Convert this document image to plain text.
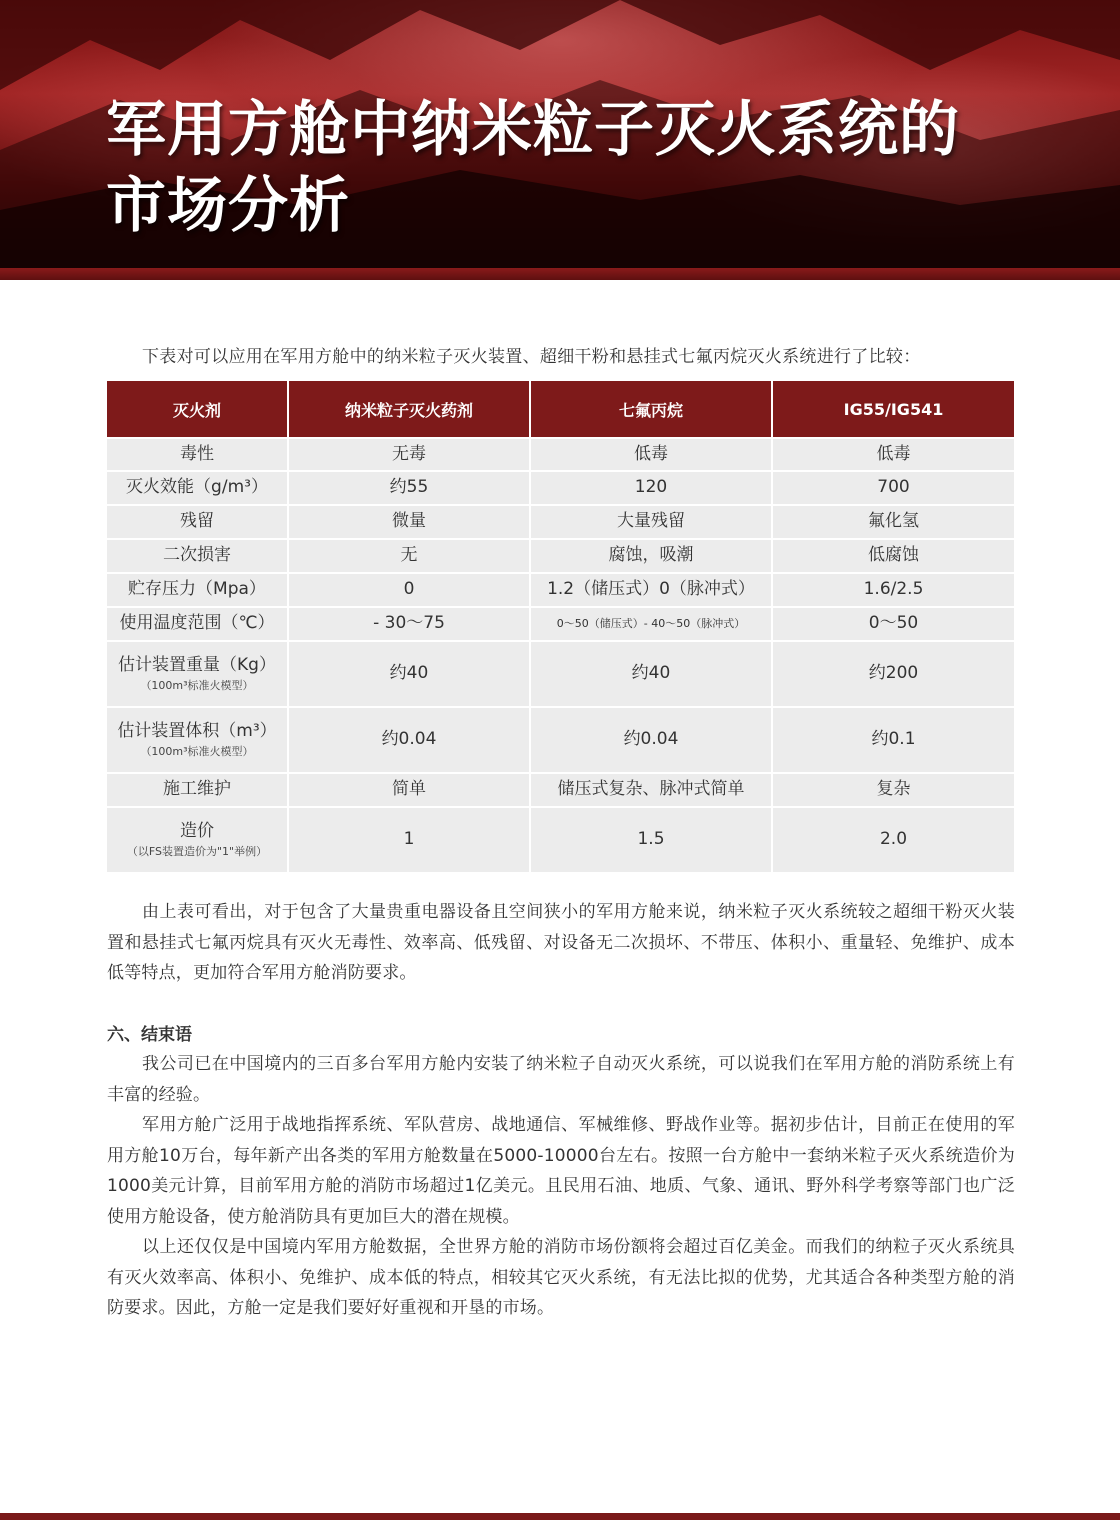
军用方舱中纳米粒子灭火系统的
市场分析

下表对可以应用在军用方舱中的纳米粒子灭火装置、超细干粉和悬挂式七氟丙烷灭火系统进行了比较：

灭火剂	纳米粒子灭火药剂	七氟丙烷	IG55/IG541
毒性	无毒	低毒	低毒
灭火效能（g/m³）	约55	120	700
残留	微量	大量残留	氟化氢
二次损害	无	腐蚀，吸潮	低腐蚀
贮存压力（Mpa）	0	1.2（储压式）0（脉冲式）	1.6/2.5
使用温度范围（℃）	- 30～75	0～50（储压式）- 40～50（脉冲式）	0～50
估计装置重量（Kg）
（100m³标准火模型）	约40	约40	约200
估计装置体积（m³）
（100m³标准火模型）	约0.04	约0.04	约0.1
施工维护	简单	储压式复杂、脉冲式简单	复杂
造价
（以FS装置造价为"1"举例）	1	1.5	2.0

由上表可看出，对于包含了大量贵重电器设备且空间狭小的军用方舱来说，纳米粒子灭火系统较之超细干粉灭火装置和悬挂式七氟丙烷具有灭火无毒性、效率高、低残留、对设备无二次损坏、不带压、体积小、重量轻、免维护、成本低等特点，更加符合军用方舱消防要求。

六、结束语

我公司已在中国境内的三百多台军用方舱内安装了纳米粒子自动灭火系统，可以说我们在军用方舱的消防系统上有丰富的经验。

军用方舱广泛用于战地指挥系统、军队营房、战地通信、军械维修、野战作业等。据初步估计，目前正在使用的军用方舱10万台，每年新产出各类的军用方舱数量在5000-10000台左右。按照一台方舱中一套纳米粒子灭火系统造价为1000美元计算，目前军用方舱的消防市场超过1亿美元。且民用石油、地质、气象、通讯、野外科学考察等部门也广泛使用方舱设备，使方舱消防具有更加巨大的潜在规模。

以上还仅仅是中国境内军用方舱数据，全世界方舱的消防市场份额将会超过百亿美金。而我们的纳粒子灭火系统具有灭火效率高、体积小、免维护、成本低的特点，相较其它灭火系统，有无法比拟的优势，尤其适合各种类型方舱的消防要求。因此，方舱一定是我们要好好重视和开垦的市场。
